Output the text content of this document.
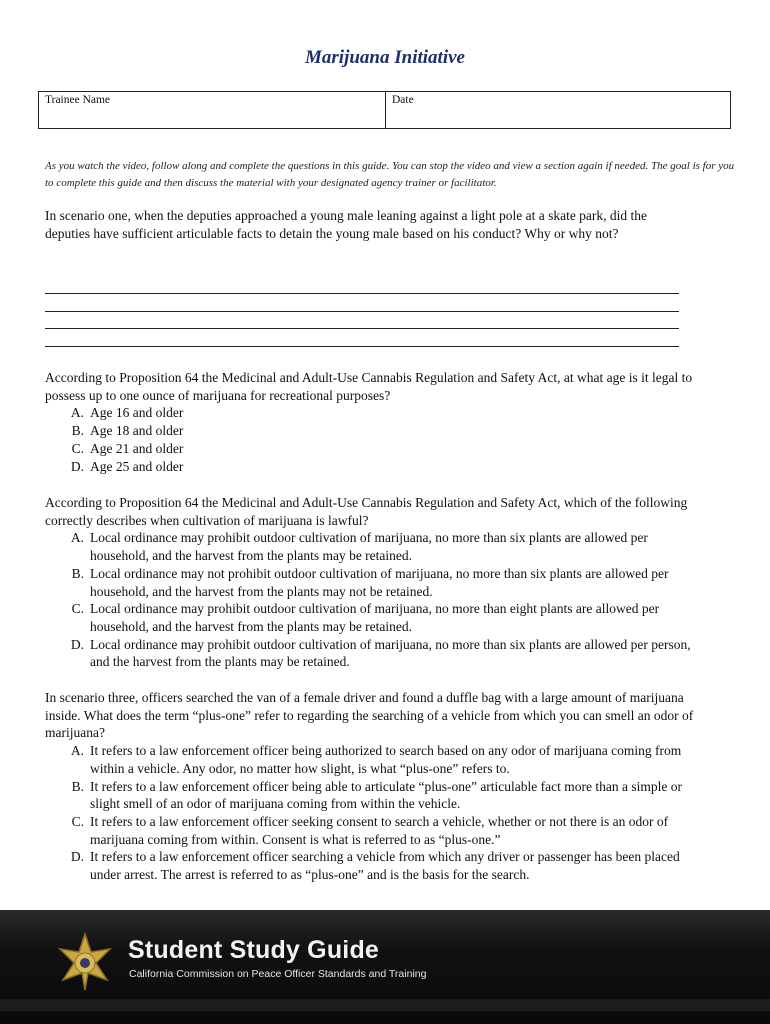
Marijuana Initiative
Trainee Name	Date
As you watch the video, follow along and complete the questions in this guide. You can stop the video and view a section again if needed. The goal is for you to complete this guide and then discuss the material with your designated agency trainer or facilitator.
In scenario one, when the deputies approached a young male leaning against a light pole at a skate park, did the deputies have sufficient articulable facts to detain the young male based on his conduct? Why or why not?

According to Proposition 64 the Medicinal and Adult-Use Cannabis Regulation and Safety Act, at what age is it legal to possess up to one ounce of marijuana for recreational purposes?

A. Age 16 and older
B. Age 18 and older
C. Age 21 and older
D. Age 25 and older

According to Proposition 64 the Medicinal and Adult-Use Cannabis Regulation and Safety Act, which of the following correctly describes when cultivation of marijuana is lawful?

A. Local ordinance may prohibit outdoor cultivation of marijuana, no more than six plants are allowed per household, and the harvest from the plants may be retained.
B. Local ordinance may not prohibit outdoor cultivation of marijuana, no more than six plants are allowed per household, and the harvest from the plants may not be retained.
C. Local ordinance may prohibit outdoor cultivation of marijuana, no more than eight plants are allowed per household, and the harvest from the plants may be retained.
D. Local ordinance may prohibit outdoor cultivation of marijuana, no more than six plants are allowed per person, and the harvest from the plants may be retained.

In scenario three, officers searched the van of a female driver and found a duffle bag with a large amount of marijuana inside. What does the term “plus-one” refer to regarding the searching of a vehicle from which you can smell an odor of marijuana?

A. It refers to a law enforcement officer being authorized to search based on any odor of marijuana coming from within a vehicle. Any odor, no matter how slight, is what “plus-one” refers to.
B. It refers to a law enforcement officer being able to articulate “plus-one” articulable fact more than a simple or slight smell of an odor of marijuana coming from within the vehicle.
C. It refers to a law enforcement officer seeking consent to search a vehicle, whether or not there is an odor of marijuana coming from within. Consent is what is referred to as “plus-one.”
D. It refers to a law enforcement officer searching a vehicle from which any driver or passenger has been placed under arrest. The arrest is referred to as “plus-one” and is the basis for the search.
Student Study Guide
California Commission on Peace Officer Standards and Training
